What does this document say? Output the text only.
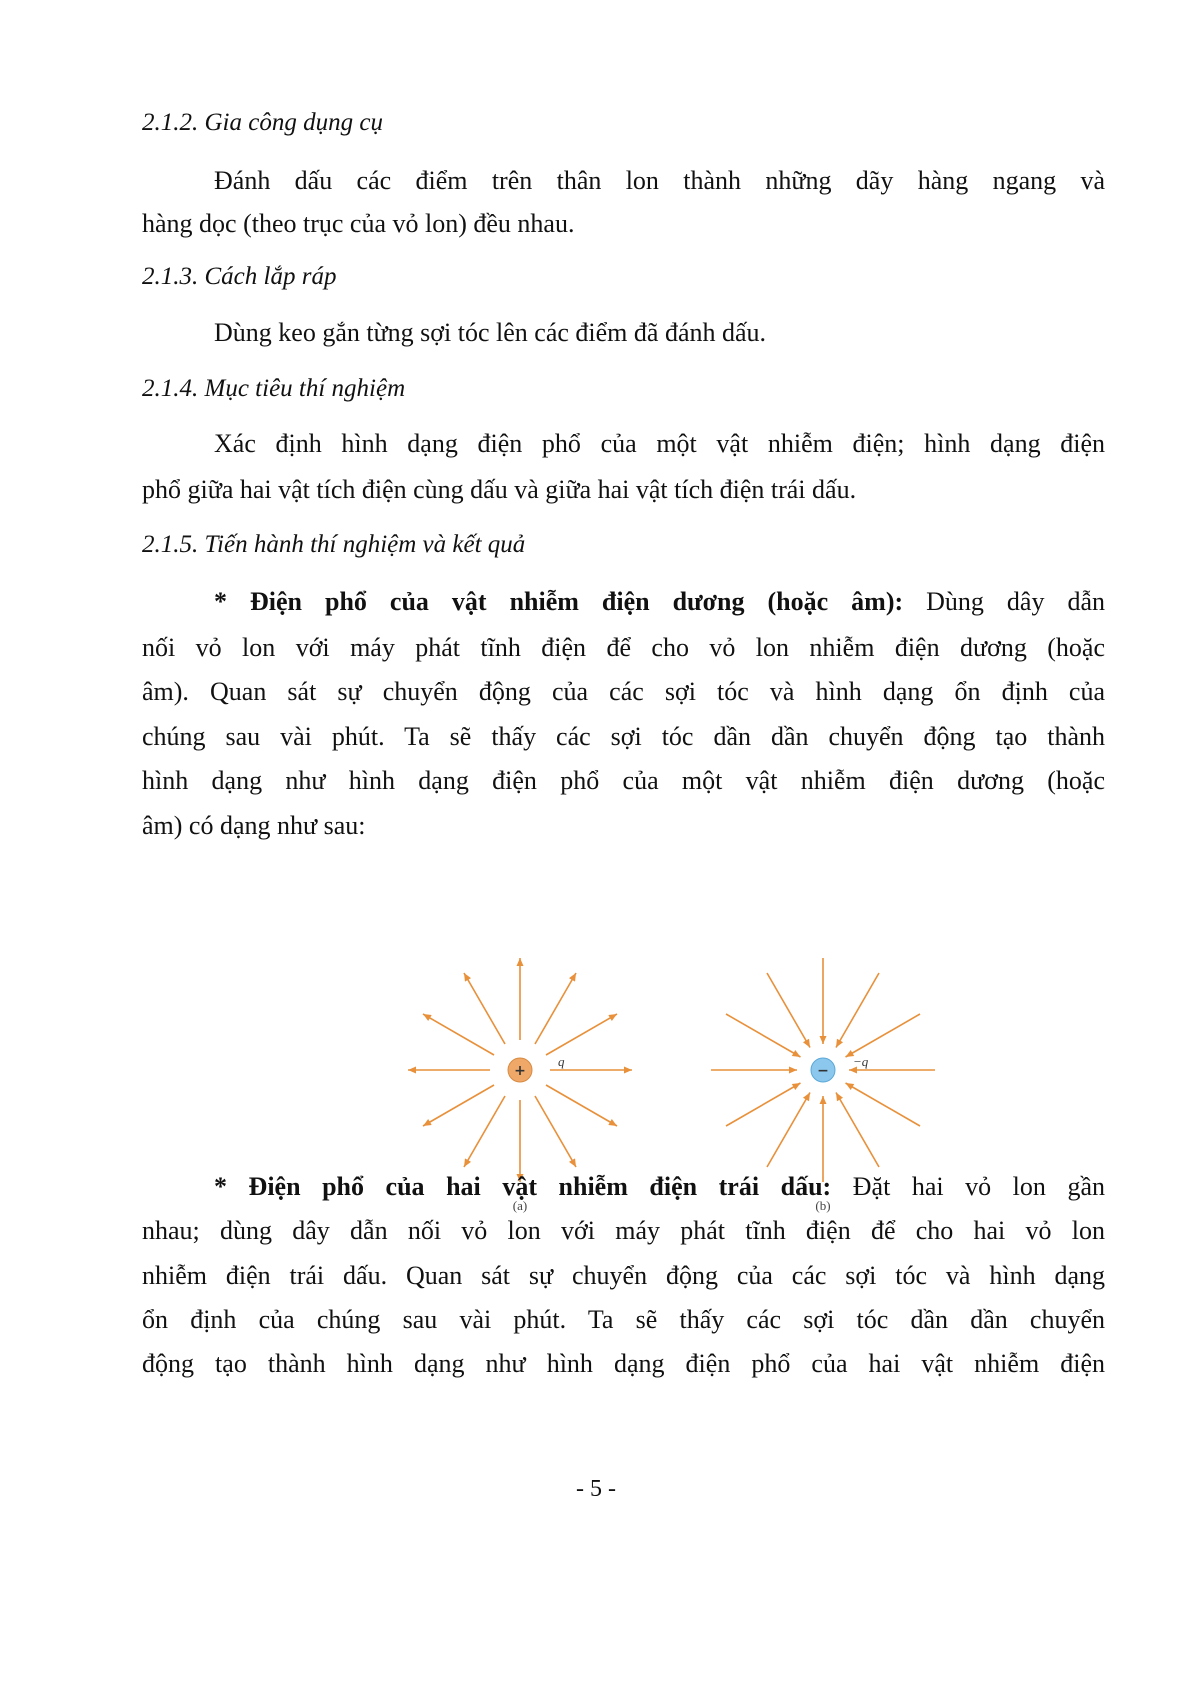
2.1.2. Gia công dụng cụ
Đánh dấu các điểm trên thân lon thành những dãy hàng ngang và
hàng dọc (theo trục của vỏ lon) đều nhau.
2.1.3. Cách lắp ráp
Dùng keo gắn từng sợi tóc lên các điểm đã đánh dấu.
2.1.4. Mục tiêu thí nghiệm
Xác định hình dạng điện phổ của một vật nhiễm điện; hình dạng điện
phổ giữa hai vật tích điện cùng dấu và giữa hai vật tích điện trái dấu.
2.1.5. Tiến hành thí nghiệm và kết quả
* Điện phổ của vật nhiễm điện dương (hoặc âm): Dùng dây dẫn
nối vỏ lon với máy phát tĩnh điện để cho vỏ lon nhiễm điện dương (hoặc
âm). Quan sát sự chuyển động của các sợi tóc và hình dạng ổn định của
chúng sau vài phút. Ta sẽ thấy các sợi tóc dần dần chuyển động tạo thành
hình dạng như hình dạng điện phổ của một vật nhiễm điện dương (hoặc
âm) có dạng như sau:
+	−
q	−q
(a)	(b)
* Điện phổ của hai vật nhiễm điện trái dấu: Đặt hai vỏ lon gần
nhau; dùng dây dẫn nối vỏ lon với máy phát tĩnh điện để cho hai vỏ lon
nhiễm điện trái dấu. Quan sát sự chuyển động của các sợi tóc và hình dạng
ổn định của chúng sau vài phút. Ta sẽ thấy các sợi tóc dần dần chuyển
động tạo thành hình dạng như hình dạng điện phổ của hai vật nhiễm điện
- 5 -
